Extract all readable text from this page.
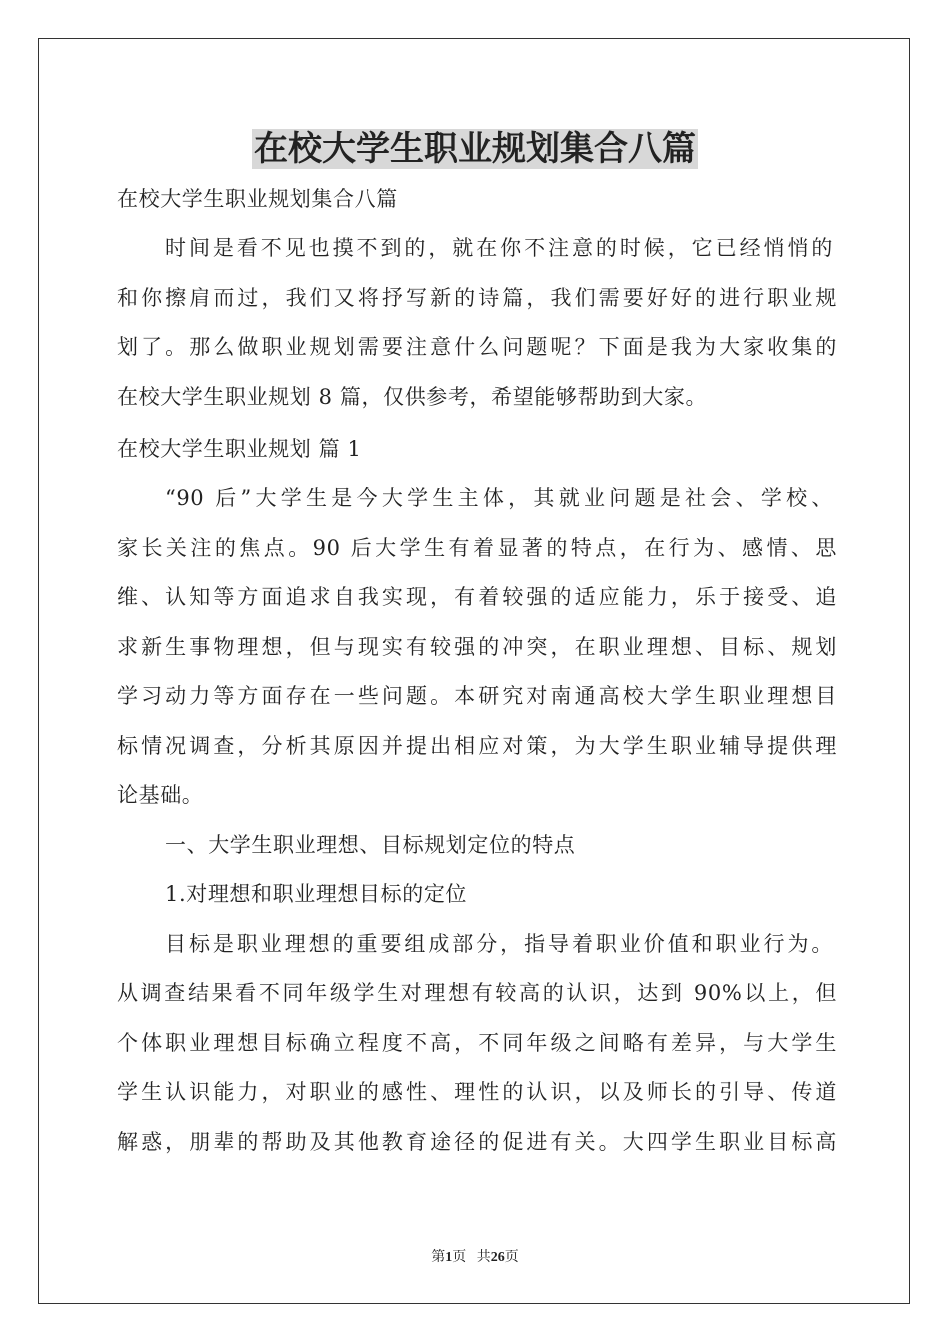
在校大学生职业规划集合八篇
在校大学生职业规划集合八篇
时间是看不见也摸不到的，就在你不注意的时候，它已经悄悄的
和你擦肩而过，我们又将抒写新的诗篇，我们需要好好的进行职业规
划了。那么做职业规划需要注意什么问题呢？下面是我为大家收集的
在校大学生职业规划 8 篇，仅供参考，希望能够帮助到大家。
在校大学生职业规划 篇 1
“90 后”大学生是今大学生主体，其就业问题是社会、学校、
家长关注的焦点。90 后大学生有着显著的特点，在行为、感情、思
维、认知等方面追求自我实现，有着较强的适应能力，乐于接受、追
求新生事物理想，但与现实有较强的冲突，在职业理想、目标、规划
学习动力等方面存在一些问题。本研究对南通高校大学生职业理想目
标情况调查，分析其原因并提出相应对策，为大学生职业辅导提供理
论基础。
一、大学生职业理想、目标规划定位的特点
1.对理想和职业理想目标的定位
目标是职业理想的重要组成部分，指导着职业价值和职业行为。
从调查结果看不同年级学生对理想有较高的认识，达到 90%以上，但
个体职业理想目标确立程度不高，不同年级之间略有差异，与大学生
学生认识能力，对职业的感性、理性的认识，以及师长的引导、传道
解惑，朋辈的帮助及其他教育途径的促进有关。大四学生职业目标高
第1页 共26页
